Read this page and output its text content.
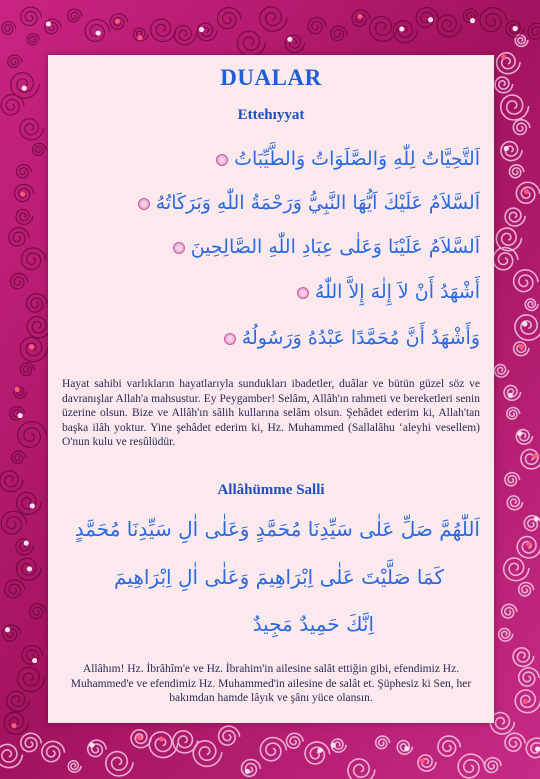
DUALAR
Ettehıyyat
اَلتَّحِيَّاتُ لِلّٰهِ وَالصَّلَوَاتُ وَالطَّيِّبَاتُ
اَلسَّلاَمُ عَلَيْكَ اَيُّهَا النَّبِيُّ وَرَحْمَةُ اللّٰهِ وَبَرَكَاتُهُ
اَلسَّلاَمُ عَلَيْنَا وَعَلٰى عِبَادِ اللّٰهِ الصَّالِحِينَ
أَشْهَدُ أَنْ لاَ إِلٰهَ إِلاَّ اللّٰهُ
وَأَشْهَدُ أَنَّ مُحَمَّدًا عَبْدُهُ وَرَسُولُهُ
Hayat sahibi varlıkların hayatlarıyla sundukları ibadetler, duâlar ve bütün güzel söz ve davranışlar Allah'a mahsustur. Ey Peygamber! Selâm, Allâh'ın rahmeti ve bereketleri senin üzerine olsun. Bize ve Allâh'ın sâlih kullarına selâm olsun. Şehâdet ederim ki, Allah'tan başka ilâh yoktur. Yine şehâdet ederim ki, Hz. Muhammed (Sallalâhu ʻaleyhi vesellem) O'nun kulu ve resûlüdür.
Allâhümme Salli
اَللّٰهُمَّ صَلِّ عَلٰى سَيِّدِنَا مُحَمَّدٍ وَعَلٰى اٰلِ سَيِّدِنَا مُحَمَّدٍ
كَمَا صَلَّيْتَ عَلٰى اِبْرَاهِيمَ وَعَلٰى اٰلِ اِبْرَاهِيمَ
اِنَّكَ حَمِيدٌ مَجِيدٌ
Allâhım! Hz. İbrâhîm'e ve Hz. İbrahim'in ailesine salât ettiğin gibi, efendimiz Hz. Muhammed'e ve efendimiz Hz. Muhammed'in ailesine de salât et. Şüphesiz ki Sen, her bakımdan hamde lâyık ve şânı yüce olansın.
